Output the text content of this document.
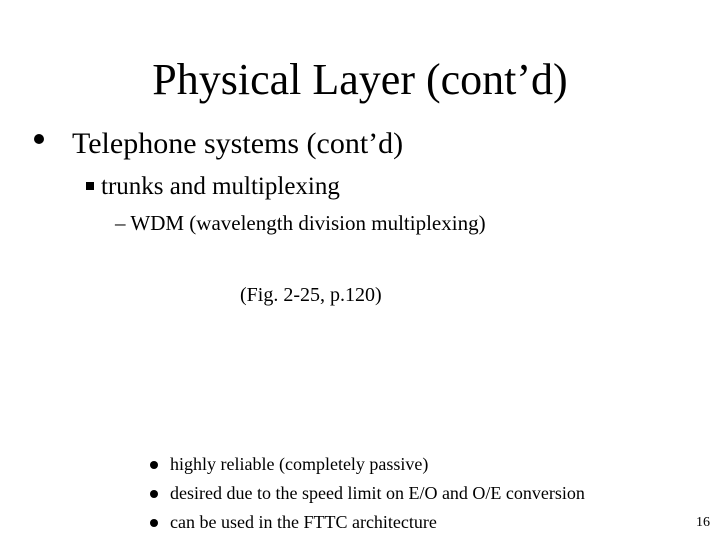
Physical Layer (cont’d)
Telephone systems (cont’d)
trunks and multiplexing
– WDM (wavelength division multiplexing)
(Fig. 2-25, p.120)
highly reliable (completely passive)
desired due to the speed limit on E/O and O/E conversion
can be used in the FTTC architecture	16
